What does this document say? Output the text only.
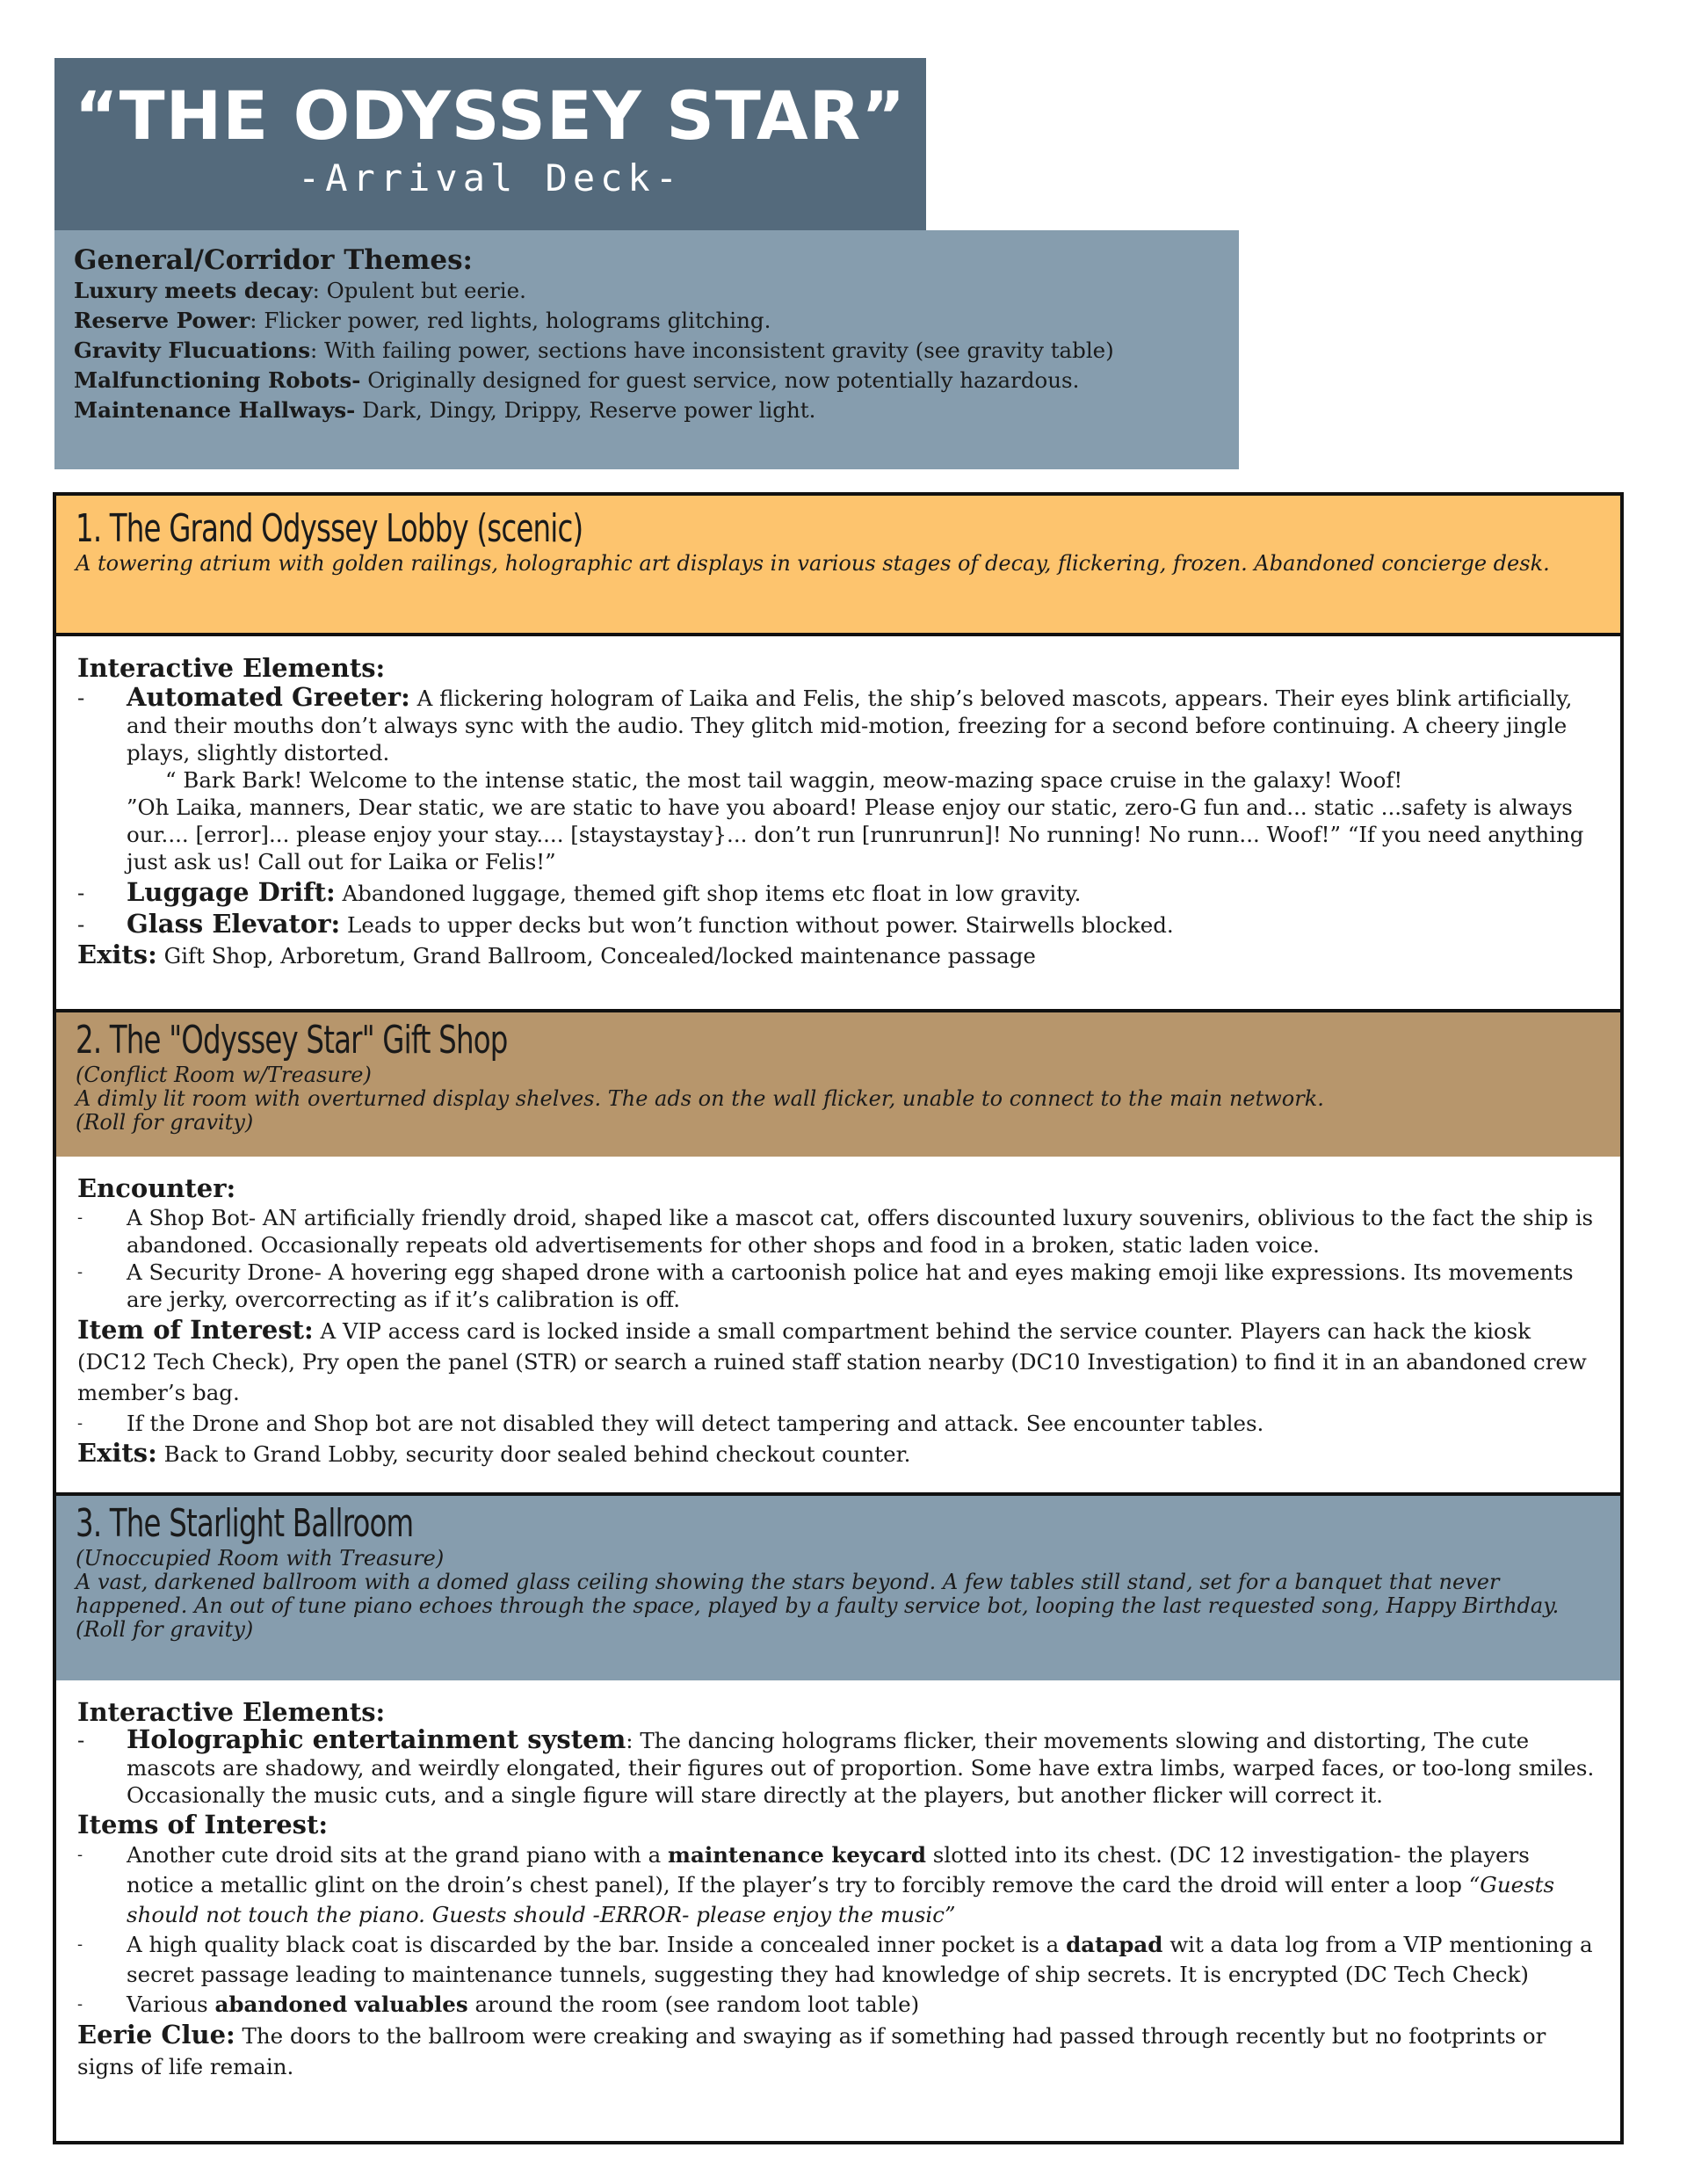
“THE ODYSSEY STAR”
-Arrival Deck-
General/Corridor Themes:
Luxury meets decay: Opulent but eerie.
Reserve Power: Flicker power, red lights, holograms glitching.
Gravity Flucuations: With failing power, sections have inconsistent gravity (see gravity table)
Malfunctioning Robots- Originally designed for guest service, now potentially hazardous.
Maintenance Hallways- Dark, Dingy, Drippy, Reserve power light.
1. The Grand Odyssey Lobby (scenic)
A towering atrium with golden railings, holographic art displays in various stages of decay, flickering, frozen. Abandoned concierge desk.
Interactive Elements:
-	Automated Greeter: A flickering hologram of Laika and Felis, the ship’s beloved mascots, appears. Their eyes blink artificially, and their mouths don’t always sync with the audio. They glitch mid-motion, freezing for a second before continuing. A cheery jingle plays, slightly distorted.
“ Bark Bark! Welcome to the intense static, the most tail waggin, meow-mazing space cruise in the galaxy! Woof!
”Oh Laika, manners, Dear static, we are static to have you aboard! Please enjoy our static, zero-G fun and... static ...safety is always our.... [error]... please enjoy your stay.... [staystaystay}... don’t run [runrunrun]! No running! No runn... Woof!” “If you need anything just ask us! Call out for Laika or Felis!”
-	Luggage Drift: Abandoned luggage, themed gift shop items etc float in low gravity.
-	Glass Elevator: Leads to upper decks but won’t function without power. Stairwells blocked.
Exits: Gift Shop, Arboretum, Grand Ballroom, Concealed/locked maintenance passage
2. The "Odyssey Star" Gift Shop
(Conflict Room w/Treasure)
A dimly lit room with overturned display shelves. The ads on the wall flicker, unable to connect to the main network.
(Roll for gravity)
Encounter:
-	A Shop Bot- AN artificially friendly droid, shaped like a mascot cat, offers discounted luxury souvenirs, oblivious to the fact the ship is abandoned. Occasionally repeats old advertisements for other shops and food in a broken, static laden voice.
-	A Security Drone- A hovering egg shaped drone with a cartoonish police hat and eyes making emoji like expressions. Its movements are jerky, overcorrecting as if it’s calibration is off.
Item of Interest: A VIP access card is locked inside a small compartment behind the service counter. Players can hack the kiosk (DC12 Tech Check), Pry open the panel (STR) or search a ruined staff station nearby (DC10 Investigation) to find it in an abandoned crew member’s bag.
-	If the Drone and Shop bot are not disabled they will detect tampering and attack. See encounter tables.
Exits: Back to Grand Lobby, security door sealed behind checkout counter.
3. The Starlight Ballroom
(Unoccupied Room with Treasure)
A vast, darkened ballroom with a domed glass ceiling showing the stars beyond. A few tables still stand, set for a banquet that never happened. An out of tune piano echoes through the space, played by a faulty service bot, looping the last requested song, Happy Birthday.
(Roll for gravity)
Interactive Elements:
-	Holographic entertainment system: The dancing holograms flicker, their movements slowing and distorting, The cute mascots are shadowy, and weirdly elongated, their figures out of proportion. Some have extra limbs, warped faces, or too-long smiles. Occasionally the music cuts, and a single figure will stare directly at the players, but another flicker will correct it.
Items of Interest:
-	Another cute droid sits at the grand piano with a maintenance keycard slotted into its chest. (DC 12 investigation- the players notice a metallic glint on the droin’s chest panel), If the player’s try to forcibly remove the card the droid will enter a loop “Guests should not touch the piano. Guests should -ERROR- please enjoy the music”
-	A high quality black coat is discarded by the bar. Inside a concealed inner pocket is a datapad wit a data log from a VIP mentioning a secret passage leading to maintenance tunnels, suggesting they had knowledge of ship secrets. It is encrypted (DC Tech Check)
-	Various abandoned valuables around the room (see random loot table)
Eerie Clue: The doors to the ballroom were creaking and swaying as if something had passed through recently but no footprints or signs of life remain.
